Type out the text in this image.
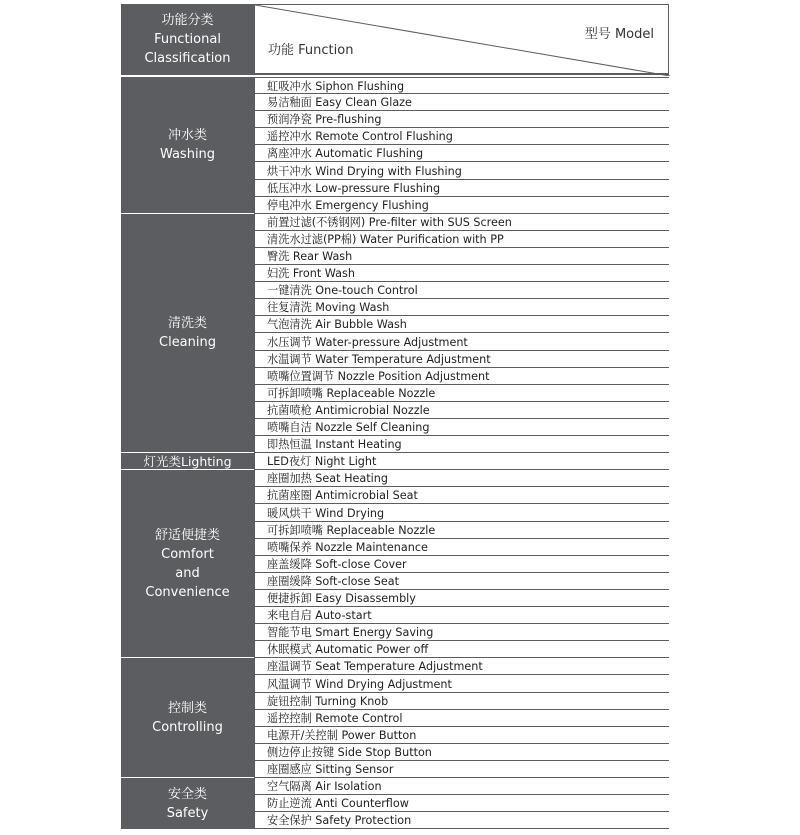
功能分类
Functional
Classification
型号 Model
功能 Function
虹吸冲水 Siphon Flushing
易洁釉面 Easy Clean Glaze
预润净瓷 Pre-flushing
遥控冲水 Remote Control Flushing
离座冲水 Automatic Flushing
烘干冲水 Wind Drying with Flushing
低压冲水 Low-pressure Flushing
停电冲水 Emergency Flushing
冲水类
Washing
前置过滤(不锈钢网) Pre-filter with SUS Screen
清洗水过滤(PP棉) Water Purification with PP
臀洗 Rear Wash
妇洗 Front Wash
一键清洗 One-touch Control
往复清洗 Moving Wash
气泡清洗 Air Bubble Wash
水压调节 Water-pressure Adjustment
水温调节 Water Temperature Adjustment
喷嘴位置调节 Nozzle Position Adjustment
可拆卸喷嘴 Replaceable Nozzle
抗菌喷枪 Antimicrobial Nozzle
喷嘴自洁 Nozzle Self Cleaning
即热恒温 Instant Heating
清洗类
Cleaning
LED夜灯 Night Light
灯光类Lighting
座圈加热 Seat Heating
抗菌座圈 Antimicrobial Seat
暖风烘干 Wind Drying
可拆卸喷嘴 Replaceable Nozzle
喷嘴保养 Nozzle Maintenance
座盖缓降 Soft-close Cover
座圈缓降 Soft-close Seat
便捷拆卸 Easy Disassembly
来电自启 Auto-start
智能节电 Smart Energy Saving
休眠模式 Automatic Power off
舒适便捷类
Comfort
and
Convenience
座温调节 Seat Temperature Adjustment
风温调节 Wind Drying Adjustment
旋钮控制 Turning Knob
遥控控制 Remote Control
电源开/关控制 Power Button
侧边停止按键 Side Stop Button
座圈感应 Sitting Sensor
控制类
Controlling
空气隔离 Air Isolation
防止逆流 Anti Counterflow
安全保护 Safety Protection
安全类
Safety
